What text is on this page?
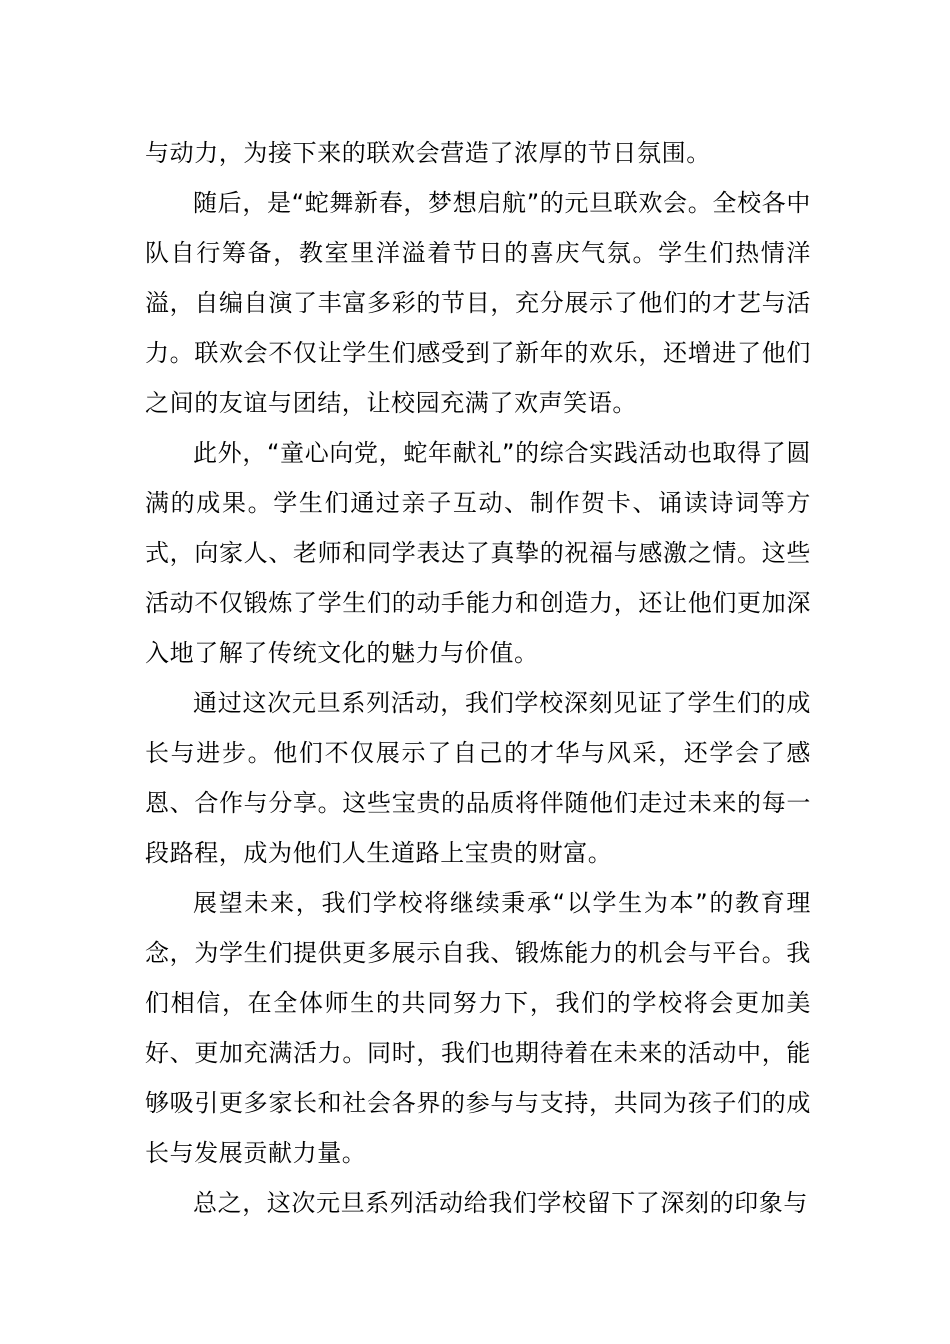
与动力，为接下来的联欢会营造了浓厚的节日氛围。

随后，是“蛇舞新春，梦想启航”的元旦联欢会。全校各中队自行筹备，教室里洋溢着节日的喜庆气氛。学生们热情洋溢，自编自演了丰富多彩的节目，充分展示了他们的才艺与活力。联欢会不仅让学生们感受到了新年的欢乐，还增进了他们之间的友谊与团结，让校园充满了欢声笑语。

此外，“童心向党，蛇年献礼”的综合实践活动也取得了圆满的成果。学生们通过亲子互动、制作贺卡、诵读诗词等方式，向家人、老师和同学表达了真挚的祝福与感激之情。这些活动不仅锻炼了学生们的动手能力和创造力，还让他们更加深入地了解了传统文化的魅力与价值。

通过这次元旦系列活动，我们学校深刻见证了学生们的成长与进步。他们不仅展示了自己的才华与风采，还学会了感恩、合作与分享。这些宝贵的品质将伴随他们走过未来的每一段路程，成为他们人生道路上宝贵的财富。

展望未来，我们学校将继续秉承“以学生为本”的教育理念，为学生们提供更多展示自我、锻炼能力的机会与平台。我们相信，在全体师生的共同努力下，我们的学校将会更加美好、更加充满活力。同时，我们也期待着在未来的活动中，能够吸引更多家长和社会各界的参与与支持，共同为孩子们的成长与发展贡献力量。

总之，这次元旦系列活动给我们学校留下了深刻的印象与
